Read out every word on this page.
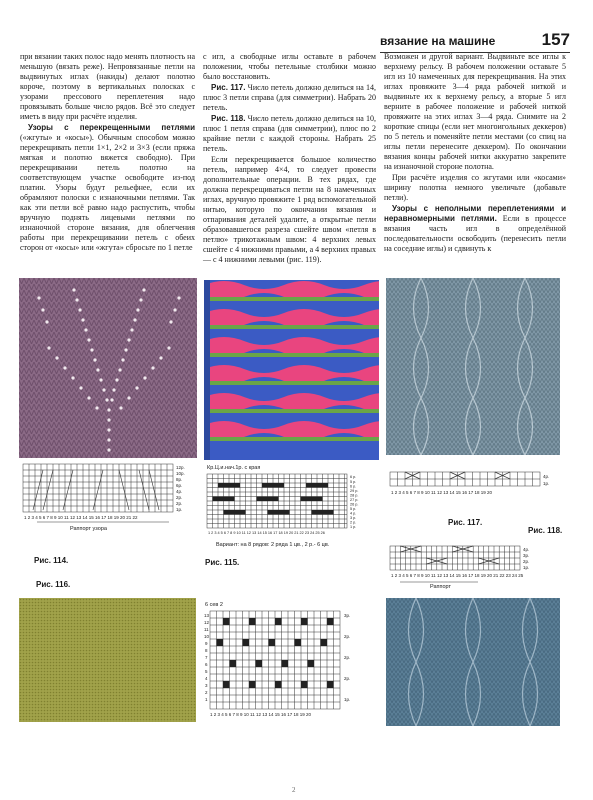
вязание на машине	157

при вязании таких полос надо менять плотность на меньшую (вязать реже). Непровязанные петли на выдвинутых иглах (накиды) делают полотно короче, поэтому в вертикальных полосках с узорами прессового переплетения надо провязывать больше число рядов. Всё это следует иметь в виду при расчёте изделия.

Узоры с перекрещенными петлями («жгуты» и «косы»). Обычным способом можно перекрещивать петли 1×1, 2×2 и 3×3 (если пряжа мягкая и полотно вяжется свободно). При перекрещивании петель полотно на соответствующем участке освободите из-под платин. Узоры будут рельефнее, если их обрамляют полоски с изнаночными петлями. Так как эти петли всё равно надо распустить, чтобы вручную поднять лицевыми петлями по изнаночной стороне вязания, для облегчения работы при перекрещивании петель с обеих сторон от «косы» или «жгута» сбросьте по 1 петле

с игл, а свободные иглы оставьте в рабочем положении, чтобы петельные столбики можно было восстановить.

Рис. 117. Число петель должно делиться на 14, плюс 3 петли справа (для симметрии). Набрать 20 петель.

Рис. 118. Число петель должно делиться на 10, плюс 1 петля справа (для симметрии), плюс по 2 крайние петли с каждой стороны. Набрать 25 петель.

Если перекрещивается большое количество петель, например 4×4, то следует провести дополнительные операции. В тех рядах, где должна перекрещиваться петли на 8 намеченных иглах, вручную провяжите 1 ряд вспомогательной нитью, которую по окончании вязания и отпаривания деталей удалите, а открытые петли образовавшегося разреза сшейте швом «петля в петлю» трикотажным швом: 4 верхних левых сшейте с 4 нижними правыми, а 4 верхних правых — с 4 нижними левыми (рис. 119).

Возможен и другой вариант. Выдвиньте все иглы к верхнему рельсу. В рабочем положении оставьте 5 игл из 10 намеченных для перекрещивания. На этих иглах провяжите 3—4 ряда рабочей ниткой и выдвиньте их к верхнему рельсу, а вторые 5 игл верните в рабочее положение и рабочей ниткой провяжите на этих иглах 3—4 ряда. Снимите на 2 короткие спицы (если нет многоигольных деккеров) по 5 петель и поменяйте петли местами (со спиц на иглы петли перенесите деккером). По окончании вязания концы рабочей нитки аккуратно закрепите на изнаночной стороне полотна.

При расчёте изделия со жгутами или «косами» ширину полотна немного увеличьте (добавьте петли).

Узоры с неполными переплетениями и неравномерными петлями. Если в процессе вязания часть игл в определённой последовательности освободить (перенесить петли на соседние иглы) и сдвинуть к

12р.
10р.
8р.
6р.
4р.
2р.
2р.
1р.
1 2 3 4 5 6 7 8 9 10 11 12 13 14 15 16 17 18 19 20 21 22
Раппорт узора
Рис. 114.
Кр.Ц.и.нач.1р. с края
6 р.
5 р.
6 р.
29 р.
28 р.
27 р.
26 р.
5 р.
4 р.
3 р.
2 р.
1 р.
1 2 3 4 5 6 7 8 9 10 11 12 13 14 15 16 17 18 19 20 21 22 23 24 25 26
Вариант: на 8 рядов: 2 ряда 1 цв., 2 р.- 6 цв.
Рис. 115.
4р.
1р.
1 2 3 4 5 6 7 8 9 10 11 12 13 14 15 16 17 18 19 20
Рис. 117.
Рис. 118.
4р.
3р.
2р.
1р.
1 2 3 4 5 6 7 8 9 10 11 12 13 14 15 16 17 18 19 20 21 22 23 24 25
Раппорт
Рис. 116.
6 сев 2
13
12
11
10
9
8
7
6
5
4
3
2
1
3р.
2р.
2р.
2р.
1р.
1 2 3 4 5 6 7 8 9 10 11 12 13 14 15 16 17 18 19 20
2
